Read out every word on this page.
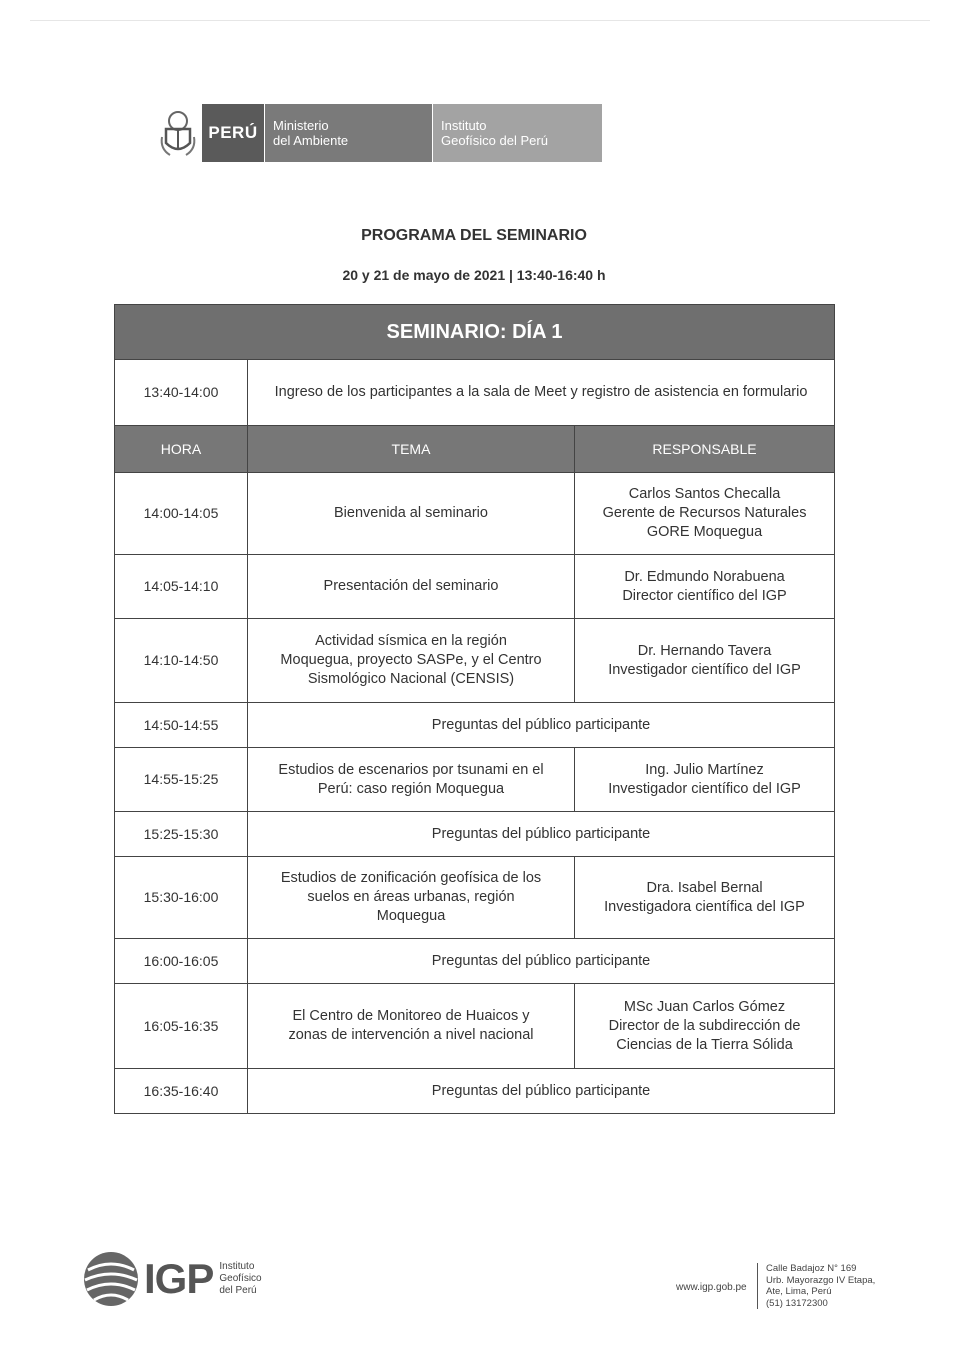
PERÚ	Ministerio
del Ambiente
Instituto
Geofísico del Perú
PROGRAMA DEL SEMINARIO
20 y 21 de mayo de 2021 | 13:40-16:40 h
SEMINARIO: DÍA 1		
13:40-14:00	Ingreso de los participantes a la sala de Meet y registro de asistencia en formulario	
HORA	TEMA	RESPONSABLE
14:00-14:05	Bienvenida al seminario	Carlos Santos Checalla
Gerente de Recursos Naturales
GORE Moquegua

14:05-14:10	Presentación del seminario	Dr. Edmundo Norabuena
Director científico del IGP

14:10-14:50	Actividad sísmica en la región
Moquegua, proyecto SASPe, y el Centro
Sismológico Nacional (CENSIS)	Dr. Hernando Tavera
Investigador científico del IGP

14:50-14:55	Preguntas del público participante	
14:55-15:25	Estudios de escenarios por tsunami en el
Perú: caso región Moquegua	Ing. Julio Martínez
Investigador científico del IGP

15:25-15:30	Preguntas del público participante	
15:30-16:00	Estudios de zonificación geofísica de los
suelos en áreas urbanas, región
Moquegua	Dra. Isabel Bernal
Investigadora científica del IGP

16:00-16:05	Preguntas del público participante	
16:05-16:35	El Centro de Monitoreo de Huaicos y
zonas de intervención a nivel nacional	MSc Juan Carlos Gómez
Director de la subdirección de
Ciencias de la Tierra Sólida

16:35-16:40	Preguntas del público participante	
IGP Instituto
Geofísico
del Perú	www.igp.gob.pe
Calle Badajoz N° 169
Urb. Mayorazgo IV Etapa,
Ate, Lima, Perú
(51) 13172300
